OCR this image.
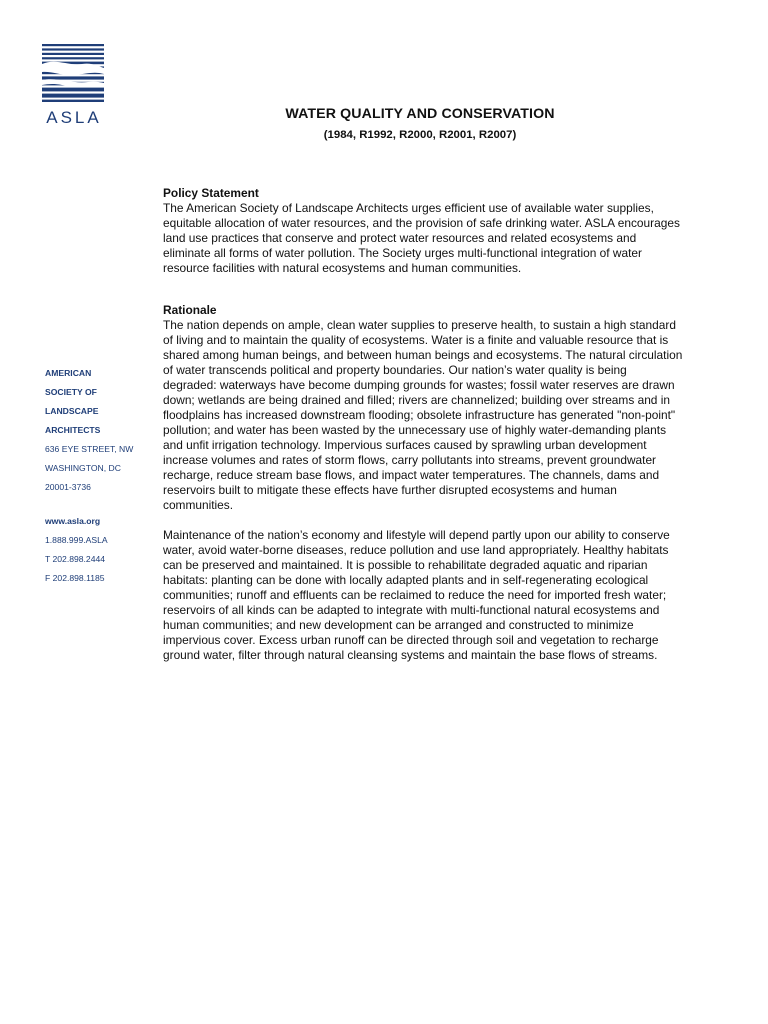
ASLA
AMERICAN
SOCIETY OF
LANDSCAPE
ARCHITECTS
636 EYE STREET, NW
WASHINGTON, DC
20001-3736
www.asla.org
1.888.999.ASLA
T 202.898.2444
F 202.898.1185
WATER QUALITY AND CONSERVATION
(1984, R1992, R2000, R2001, R2007)

Policy Statement

The American Society of Landscape Architects urges efficient use of available water supplies, equitable allocation of water resources, and the provision of safe drinking water. ASLA encourages land use practices that conserve and protect water resources and related ecosystems and eliminate all forms of water pollution. The Society urges multi-functional integration of water resource facilities with natural ecosystems and human communities.

Rationale

The nation depends on ample, clean water supplies to preserve health, to sustain a high standard of living and to maintain the quality of ecosystems. Water is a finite and valuable resource that is shared among human beings, and between human beings and ecosystems. The natural circulation of water transcends political and property boundaries. Our nation’s water quality is being degraded: waterways have become dumping grounds for wastes; fossil water reserves are drawn down; wetlands are being drained and filled; rivers are channelized; building over streams and in floodplains has increased downstream flooding; obsolete infrastructure has generated "non-point" pollution; and water has been wasted by the unnecessary use of highly water-demanding plants and unfit irrigation technology. Impervious surfaces caused by sprawling urban development increase volumes and rates of storm flows, carry pollutants into streams, prevent groundwater recharge, reduce stream base flows, and impact water temperatures. The channels, dams and reservoirs built to mitigate these effects have further disrupted ecosystems and human communities.

Maintenance of the nation’s economy and lifestyle will depend partly upon our ability to conserve water, avoid water-borne diseases, reduce pollution and use land appropriately. Healthy habitats can be preserved and maintained. It is possible to rehabilitate degraded aquatic and riparian habitats: planting can be done with locally adapted plants and in self-regenerating ecological communities; runoff and effluents can be reclaimed to reduce the need for imported fresh water; reservoirs of all kinds can be adapted to integrate with multi-functional natural ecosystems and human communities; and new development can be arranged and constructed to minimize impervious cover. Excess urban runoff can be directed through soil and vegetation to recharge ground water, filter through natural cleansing systems and maintain the base flows of streams.
